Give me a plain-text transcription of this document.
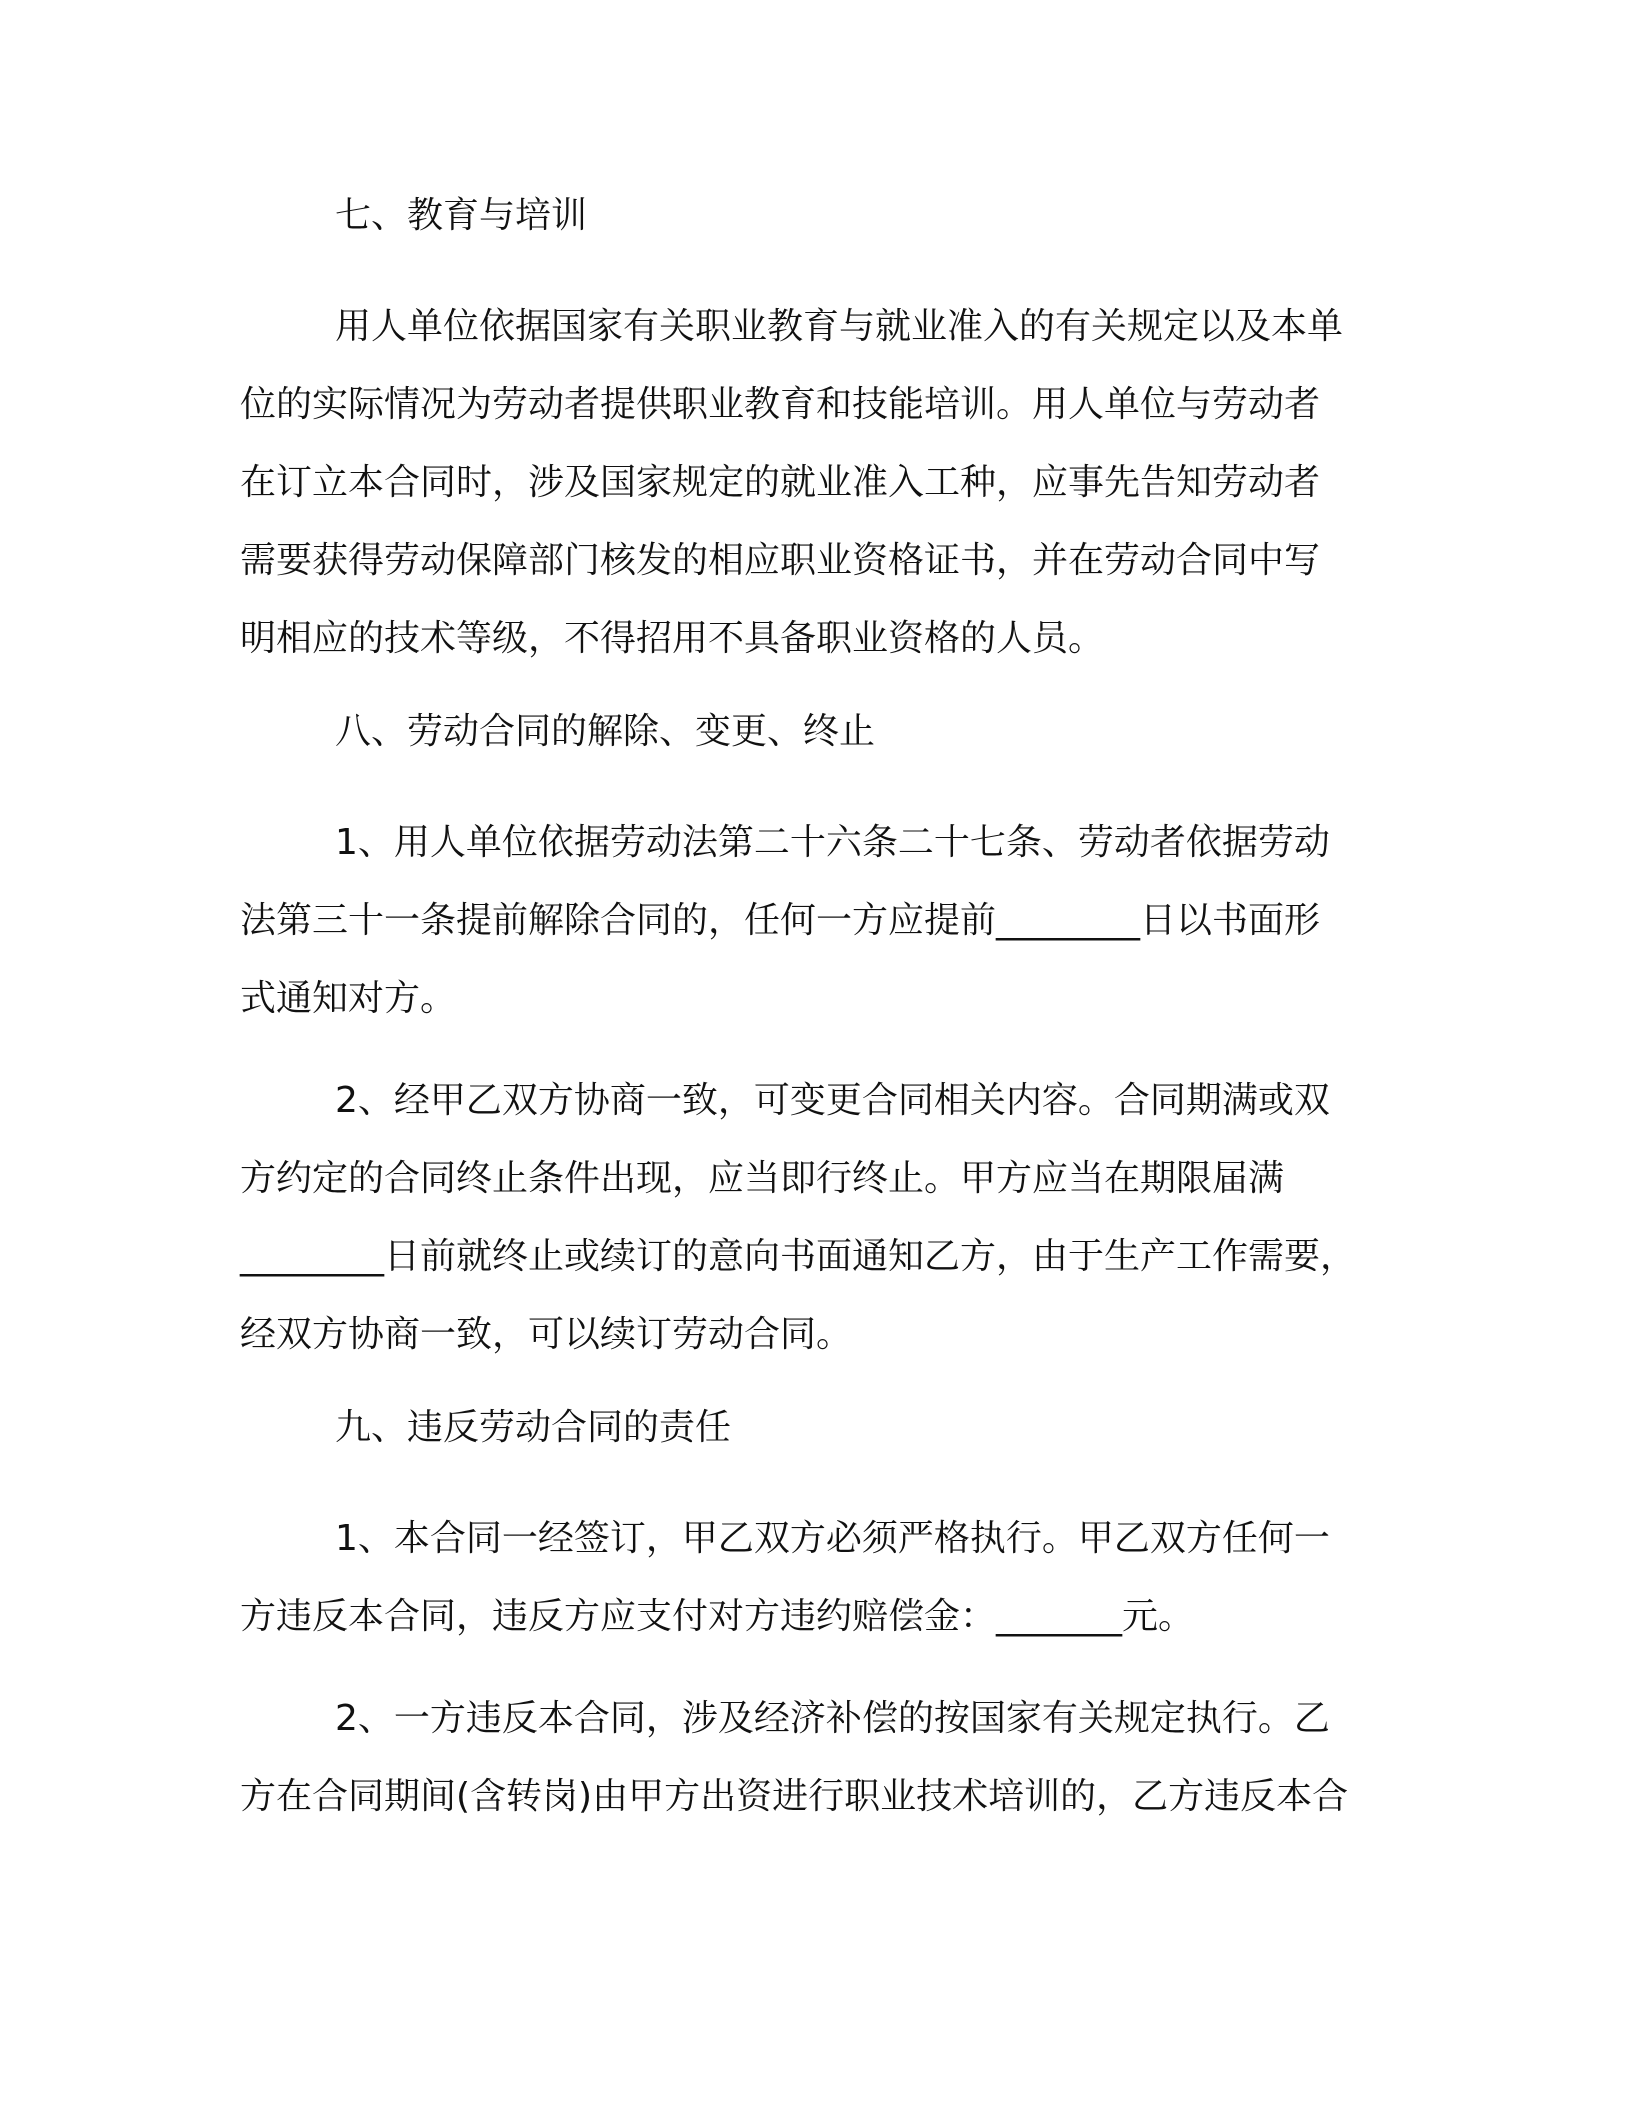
七、教育与培训
用人单位依据国家有关职业教育与就业准入的有关规定以及本单
位的实际情况为劳动者提供职业教育和技能培训。用人单位与劳动者
在订立本合同时，涉及国家规定的就业准入工种，应事先告知劳动者
需要获得劳动保障部门核发的相应职业资格证书，并在劳动合同中写
明相应的技术等级，不得招用不具备职业资格的人员。
八、劳动合同的解除、变更、终止
1、用人单位依据劳动法第二十六条二十七条、劳动者依据劳动
法第三十一条提前解除合同的，任何一方应提前________日以书面形
式通知对方。
2、经甲乙双方协商一致，可变更合同相关内容。合同期满或双
方约定的合同终止条件出现，应当即行终止。甲方应当在期限届满
________日前就终止或续订的意向书面通知乙方，由于生产工作需要，
经双方协商一致，可以续订劳动合同。
九、违反劳动合同的责任
1、本合同一经签订，甲乙双方必须严格执行。甲乙双方任何一
方违反本合同，违反方应支付对方违约赔偿金：_______元。
2、一方违反本合同，涉及经济补偿的按国家有关规定执行。乙
方在合同期间(含转岗)由甲方出资进行职业技术培训的，乙方违反本合
